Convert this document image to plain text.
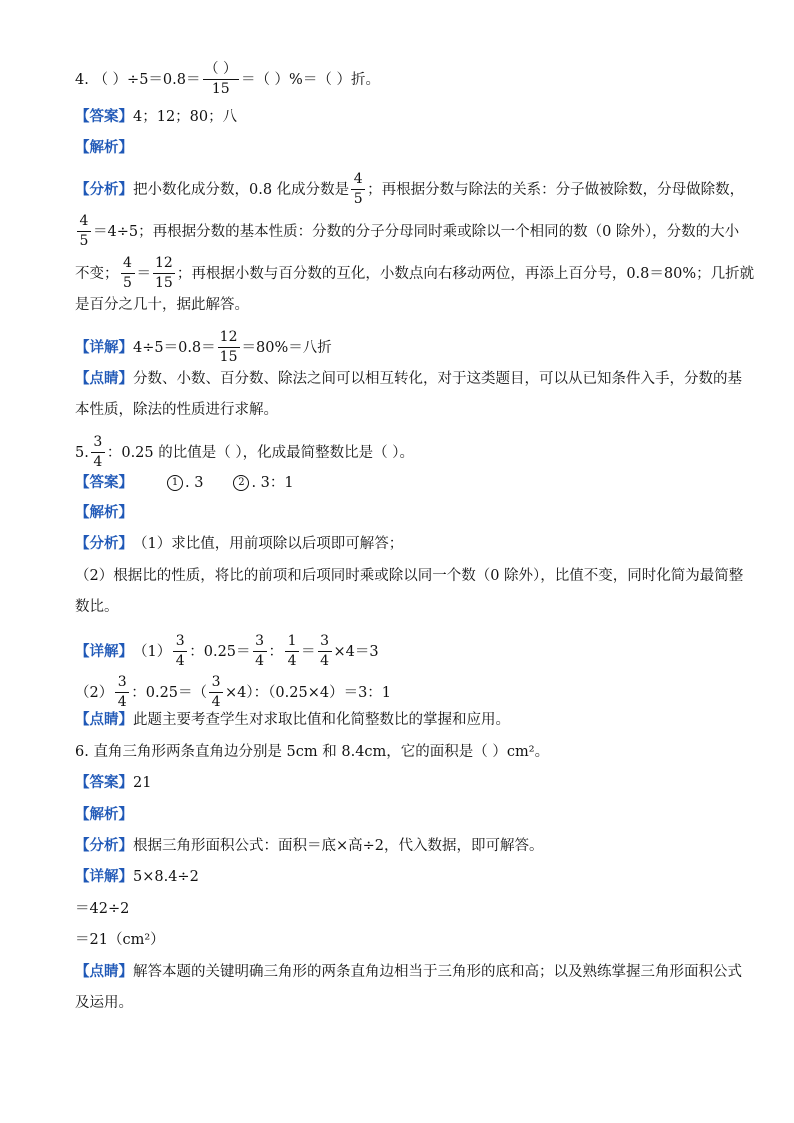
4. （ ）$\div 5=0.8= \frac{( )}{15}$ ＝（ ）%＝（ ）折。
【答案】 4；12；80；八
【解析】
【分析】 把小数化成分数，0.8 化成分数是 $\frac{4}{5}$ ；再根据分数与除法的关系：分子做被除数，分母做除数，
$\frac{4}{5} =4\div 5$；再根据分数的基本性质：分数的分子分母同时乘或除以一个相同的数（0 除外），分数的大小
不变； $\frac{4}{5} = \frac{12}{15}$ ；再根据小数与百分数的互化，小数点向右移动两位，再添上百分号，0.8＝80%；几折就
是百分之几十，据此解答。
【详解】 $4\div 5=0.8= \frac{12}{15} =80\%=$八折
【点睛】 分数、小数、百分数、除法之间可以相互转化，对于这类题目，可以从已知条件入手，分数的基
本性质，除法的性质进行求解。
5. $\frac{3}{4}$ ：0.25 的比值是（ ），化成最简整数比是（ ）。
【答案】	1 . 3	2 . 3：1
【解析】
【分析】 （1）求比值，用前项除以后项即可解答；
（2）根据比的性质，将比的前项和后项同时乘或除以同一个数（0 除外），比值不变，同时化简为最简整
数比。
【详解】 $(1) \frac{3}{4}$ ：$0.25= \frac{3}{4}$ ： $\frac{1}{4} = \frac{3}{4} \times 4=3$
$(2) \frac{3}{4}$ ：$0.25=( \frac{3}{4} \times 4)$：（0.25×4）＝3：1
【点睛】 此题主要考查学生对求取比值和化简整数比的掌握和应用。
6. 直角三角形两条直角边分别是 5cm 和 8.4cm，它的面积是（ ）cm²。
【答案】 21
【解析】
【分析】 根据三角形面积公式：面积＝底×高÷2，代入数据，即可解答。
【详解】 5×8.4÷2
＝42÷2
＝21（cm²）
【点睛】 解答本题的关键明确三角形的两条直角边相当于三角形的底和高；以及熟练掌握三角形面积公式
及运用。
